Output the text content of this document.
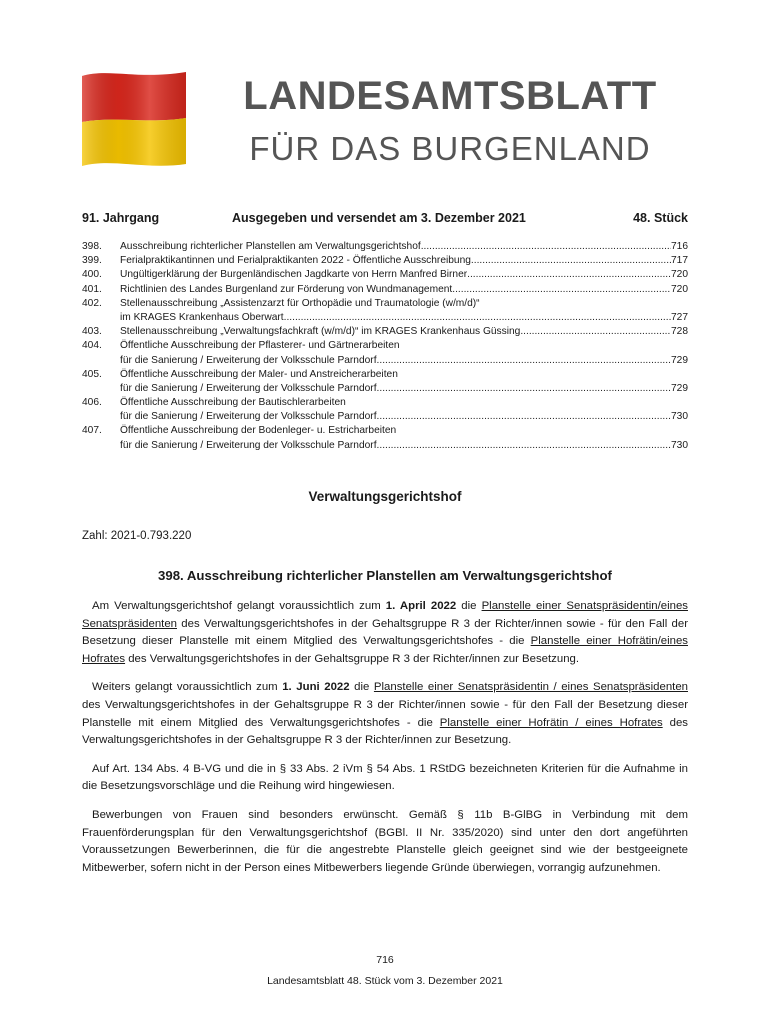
LANDESAMTSBLATT
FÜR DAS BURGENLAND
91. Jahrgang	Ausgegeben und versendet am 3. Dezember 2021	48. Stück
398.	Ausschreibung richterlicher Planstellen am Verwaltungsgerichtshof .....	716
399.	Ferialpraktikantinnen und Ferialpraktikanten 2022 - Öffentliche Ausschreibung .....	717
400.	Ungültigerklärung der Burgenländischen Jagdkarte von Herrn Manfred Birner .....	720
401.	Richtlinien des Landes Burgenland zur Förderung von Wundmanagement .....	720
402.	Stellenausschreibung „Assistenzarzt für Orthopädie und Traumatologie (w/m/d)“
im KRAGES Krankenhaus Oberwart .....	727
403.	Stellenausschreibung „Verwaltungsfachkraft (w/m/d)“ im KRAGES Krankenhaus Güssing .....	728
404.	Öffentliche Ausschreibung der Pflasterer- und Gärtnerarbeiten
für die Sanierung / Erweiterung der Volksschule Parndorf .....	729
405.	Öffentliche Ausschreibung der Maler- und Anstreicherarbeiten
für die Sanierung / Erweiterung der Volksschule Parndorf .....	729
406.	Öffentliche Ausschreibung der Bautischlerarbeiten
für die Sanierung / Erweiterung der Volksschule Parndorf .....	730
407.	Öffentliche Ausschreibung der Bodenleger- u. Estricharbeiten
für die Sanierung / Erweiterung der Volksschule Parndorf .....	730
Verwaltungsgerichtshof
Zahl: 2021-0.793.220
398. Ausschreibung richterlicher Planstellen am Verwaltungsgerichtshof

Am Verwaltungsgerichtshof gelangt voraussichtlich zum 1. April 2022 die Planstelle einer Senatspräsidentin/eines Senatspräsidenten des Verwaltungsgerichtshofes in der Gehaltsgruppe R 3 der Richter/innen sowie - für den Fall der Besetzung dieser Planstelle mit einem Mitglied des Verwaltungsgerichtshofes - die Planstelle einer Hofrätin/eines Hofrates des Verwaltungsgerichtshofes in der Gehaltsgruppe R 3 der Richter/innen zur Besetzung.

Weiters gelangt voraussichtlich zum 1. Juni 2022 die Planstelle einer Senatspräsidentin / eines Senatspräsidenten des Verwaltungsgerichtshofes in der Gehaltsgruppe R 3 der Richter/innen sowie - für den Fall der Besetzung dieser Planstelle mit einem Mitglied des Verwaltungsgerichtshofes - die Planstelle einer Hofrätin / eines Hofrates des Verwaltungsgerichtshofes in der Gehaltsgruppe R 3 der Richter/innen zur Besetzung.

Auf Art. 134 Abs. 4 B-VG und die in § 33 Abs. 2 iVm § 54 Abs. 1 RStDG bezeichneten Kriterien für die Aufnahme in die Besetzungsvorschläge und die Reihung wird hingewiesen.

Bewerbungen von Frauen sind besonders erwünscht. Gemäß § 11b B-GlBG in Verbindung mit dem Frauenförderungsplan für den Verwaltungsgerichtshof (BGBl. II Nr. 335/2020) sind unter den dort angeführten Voraussetzungen Bewerberinnen, die für die angestrebte Planstelle gleich geeignet sind wie der bestgeeignete Mitbewerber, sofern nicht in der Person eines Mitbewerbers liegende Gründe überwiegen, vorrangig aufzunehmen.

716
Landesamtsblatt 48. Stück vom 3. Dezember 2021
